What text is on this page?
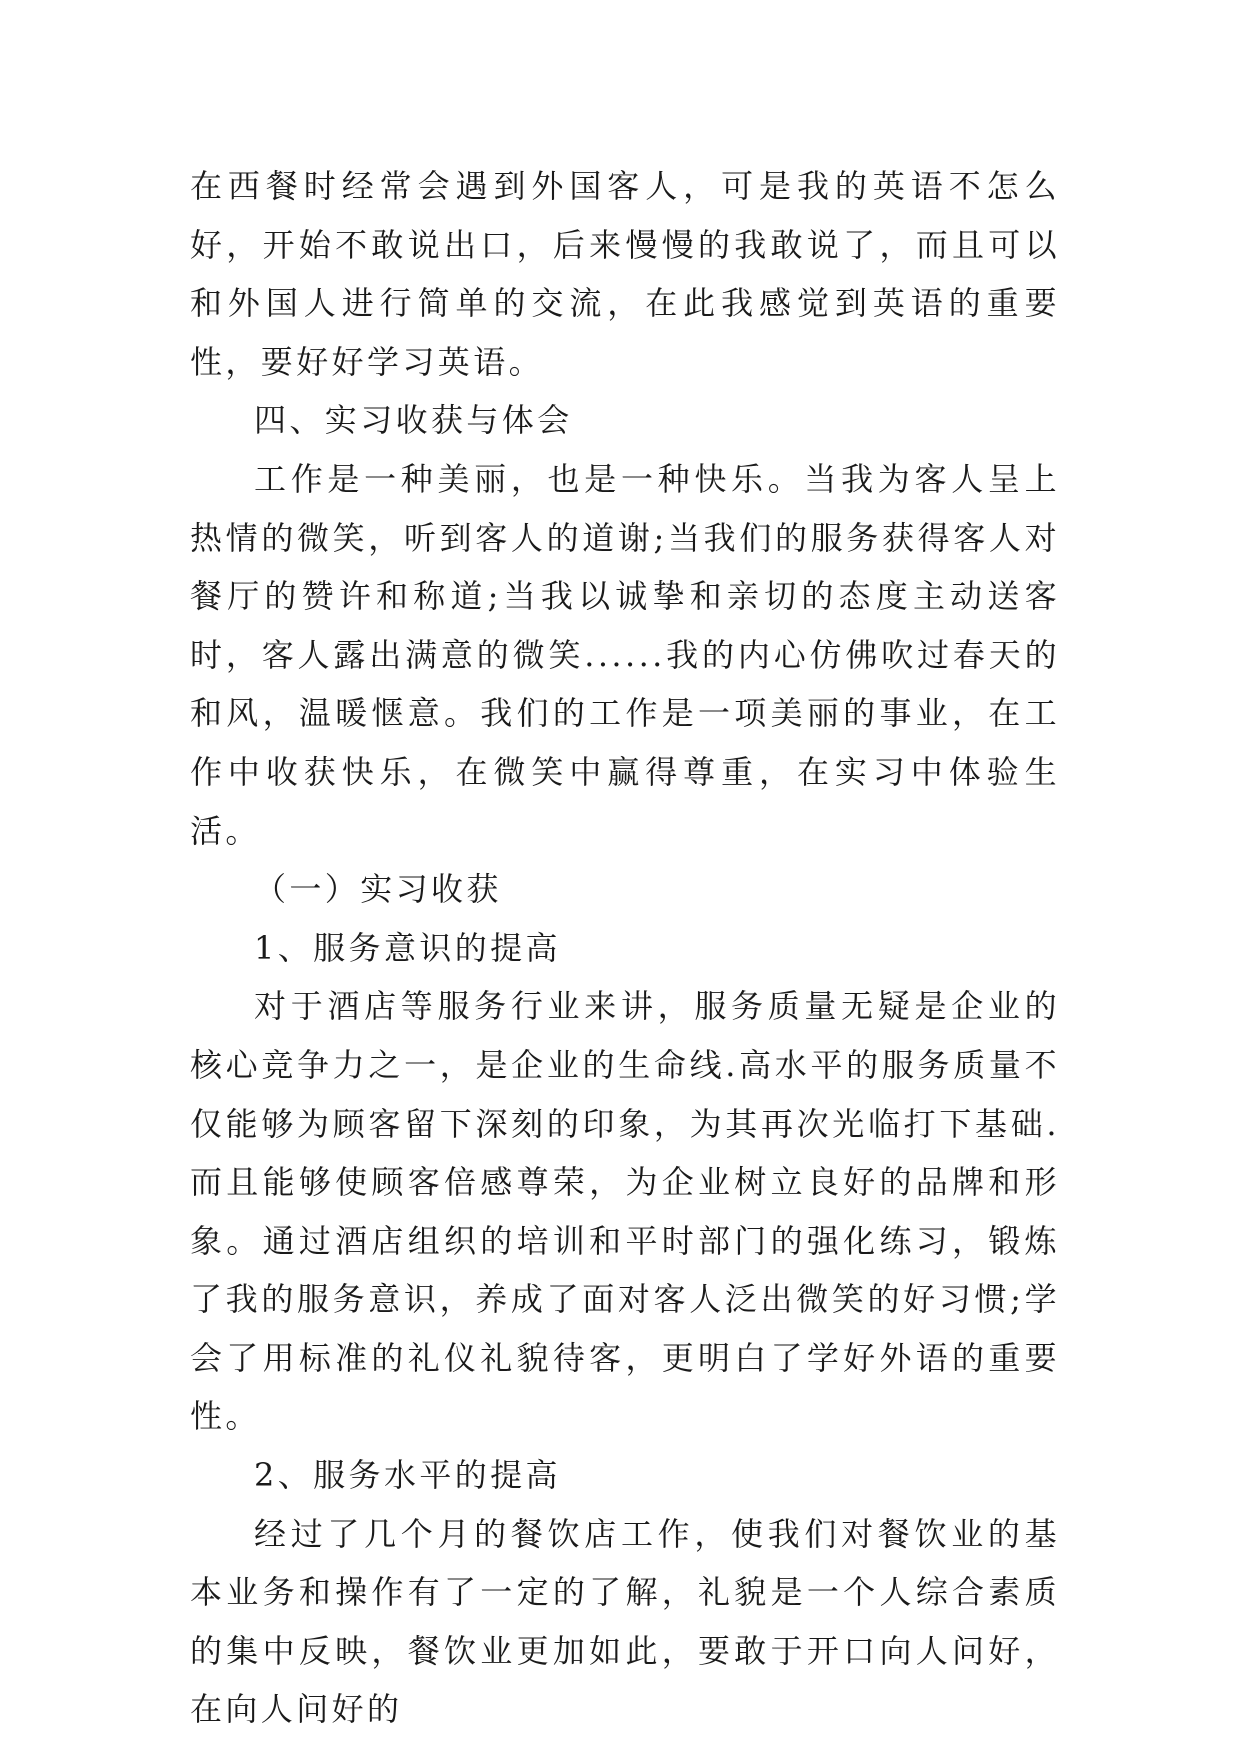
在西餐时经常会遇到外国客人，可是我的英语不怎么好，开始不敢说出口，后来慢慢的我敢说了，而且可以和外国人进行简单的交流，在此我感觉到英语的重要性，要好好学习英语。

四、实习收获与体会

工作是一种美丽，也是一种快乐。当我为客人呈上热情的微笑，听到客人的道谢;当我们的服务获得客人对餐厅的赞许和称道;当我以诚挚和亲切的态度主动送客时，客人露出满意的微笑......我的内心仿佛吹过春天的和风，温暖惬意。我们的工作是一项美丽的事业，在工作中收获快乐，在微笑中赢得尊重，在实习中体验生活。

（一）实习收获

1、服务意识的提高

对于酒店等服务行业来讲，服务质量无疑是企业的核心竞争力之一，是企业的生命线.高水平的服务质量不仅能够为顾客留下深刻的印象，为其再次光临打下基础.而且能够使顾客倍感尊荣，为企业树立良好的品牌和形象。通过酒店组织的培训和平时部门的强化练习，锻炼了我的服务意识，养成了面对客人泛出微笑的好习惯;学会了用标准的礼仪礼貌待客，更明白了学好外语的重要性。

2、服务水平的提高

经过了几个月的餐饮店工作，使我们对餐饮业的基本业务和操作有了一定的了解，礼貌是一个人综合素质的集中反映，餐饮业更加如此，要敢于开口向人问好，在向人问好的
